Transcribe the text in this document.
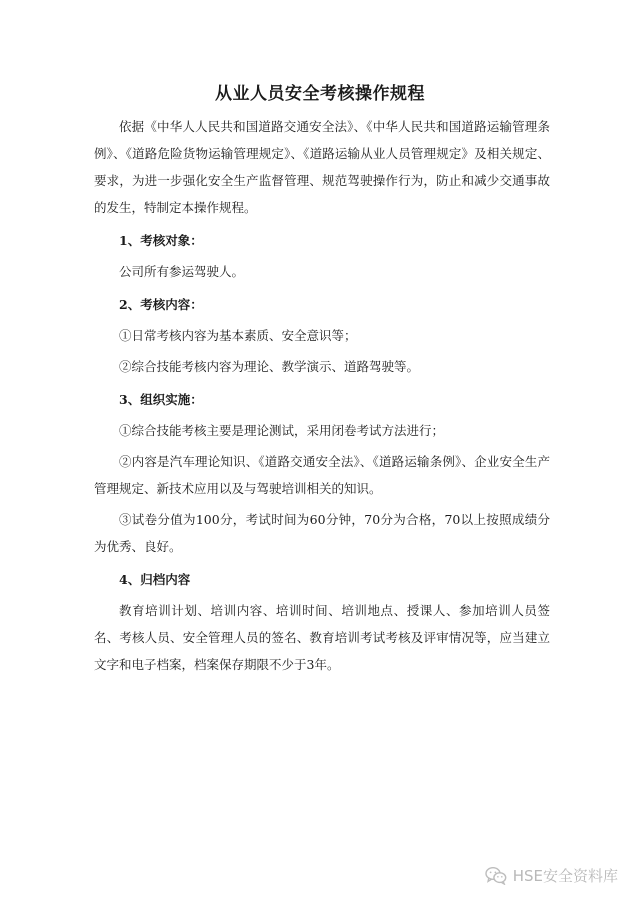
从业人员安全考核操作规程

依据《中华人人民共和国道路交通安全法》、《中华人民共和国道路运输管理条例》、《道路危险货物运输管理规定》、《道路运输从业人员管理规定》及相关规定、要求，为进一步强化安全生产监督管理、规范驾驶操作行为，防止和减少交通事故的发生，特制定本操作规程。

1、考核对象：

公司所有参运驾驶人。

2、考核内容：

①日常考核内容为基本素质、安全意识等；

②综合技能考核内容为理论、教学演示、道路驾驶等。

3、组织实施：

①综合技能考核主要是理论测试，采用闭卷考试方法进行；

②内容是汽车理论知识、《道路交通安全法》、《道路运输条例》、企业安全生产管理规定、新技术应用以及与驾驶培训相关的知识。

③试卷分值为100分，考试时间为60分钟，70分为合格，70以上按照成绩分为优秀、良好。

4、归档内容

教育培训计划、培训内容、培训时间、培训地点、授课人、参加培训人员签名、考核人员、安全管理人员的签名、教育培训考试考核及评审情况等，应当建立文字和电子档案，档案保存期限不少于3年。

HSE安全资料库
